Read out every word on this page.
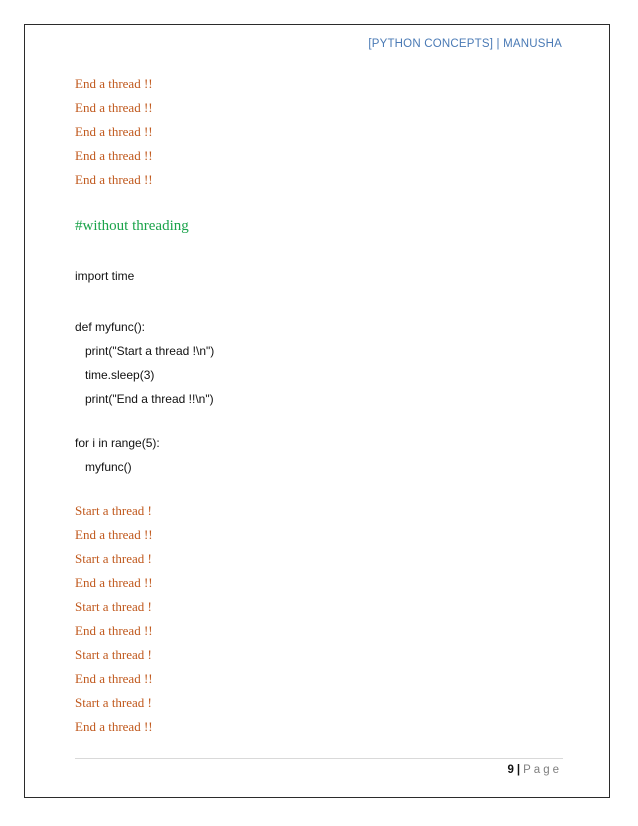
[PYTHON CONCEPTS] | MANUSHA
End a thread !!
End a thread !!
End a thread !!
End a thread !!
End a thread !!
#without threading
import time
def myfunc():
print("Start a thread !\n")
time.sleep(3)
print("End a thread !!\n")
for i in range(5):
myfunc()
Start a thread !
End a thread !!
Start a thread !
End a thread !!
Start a thread !
End a thread !!
Start a thread !
End a thread !!
Start a thread !
End a thread !!
9 | Page
